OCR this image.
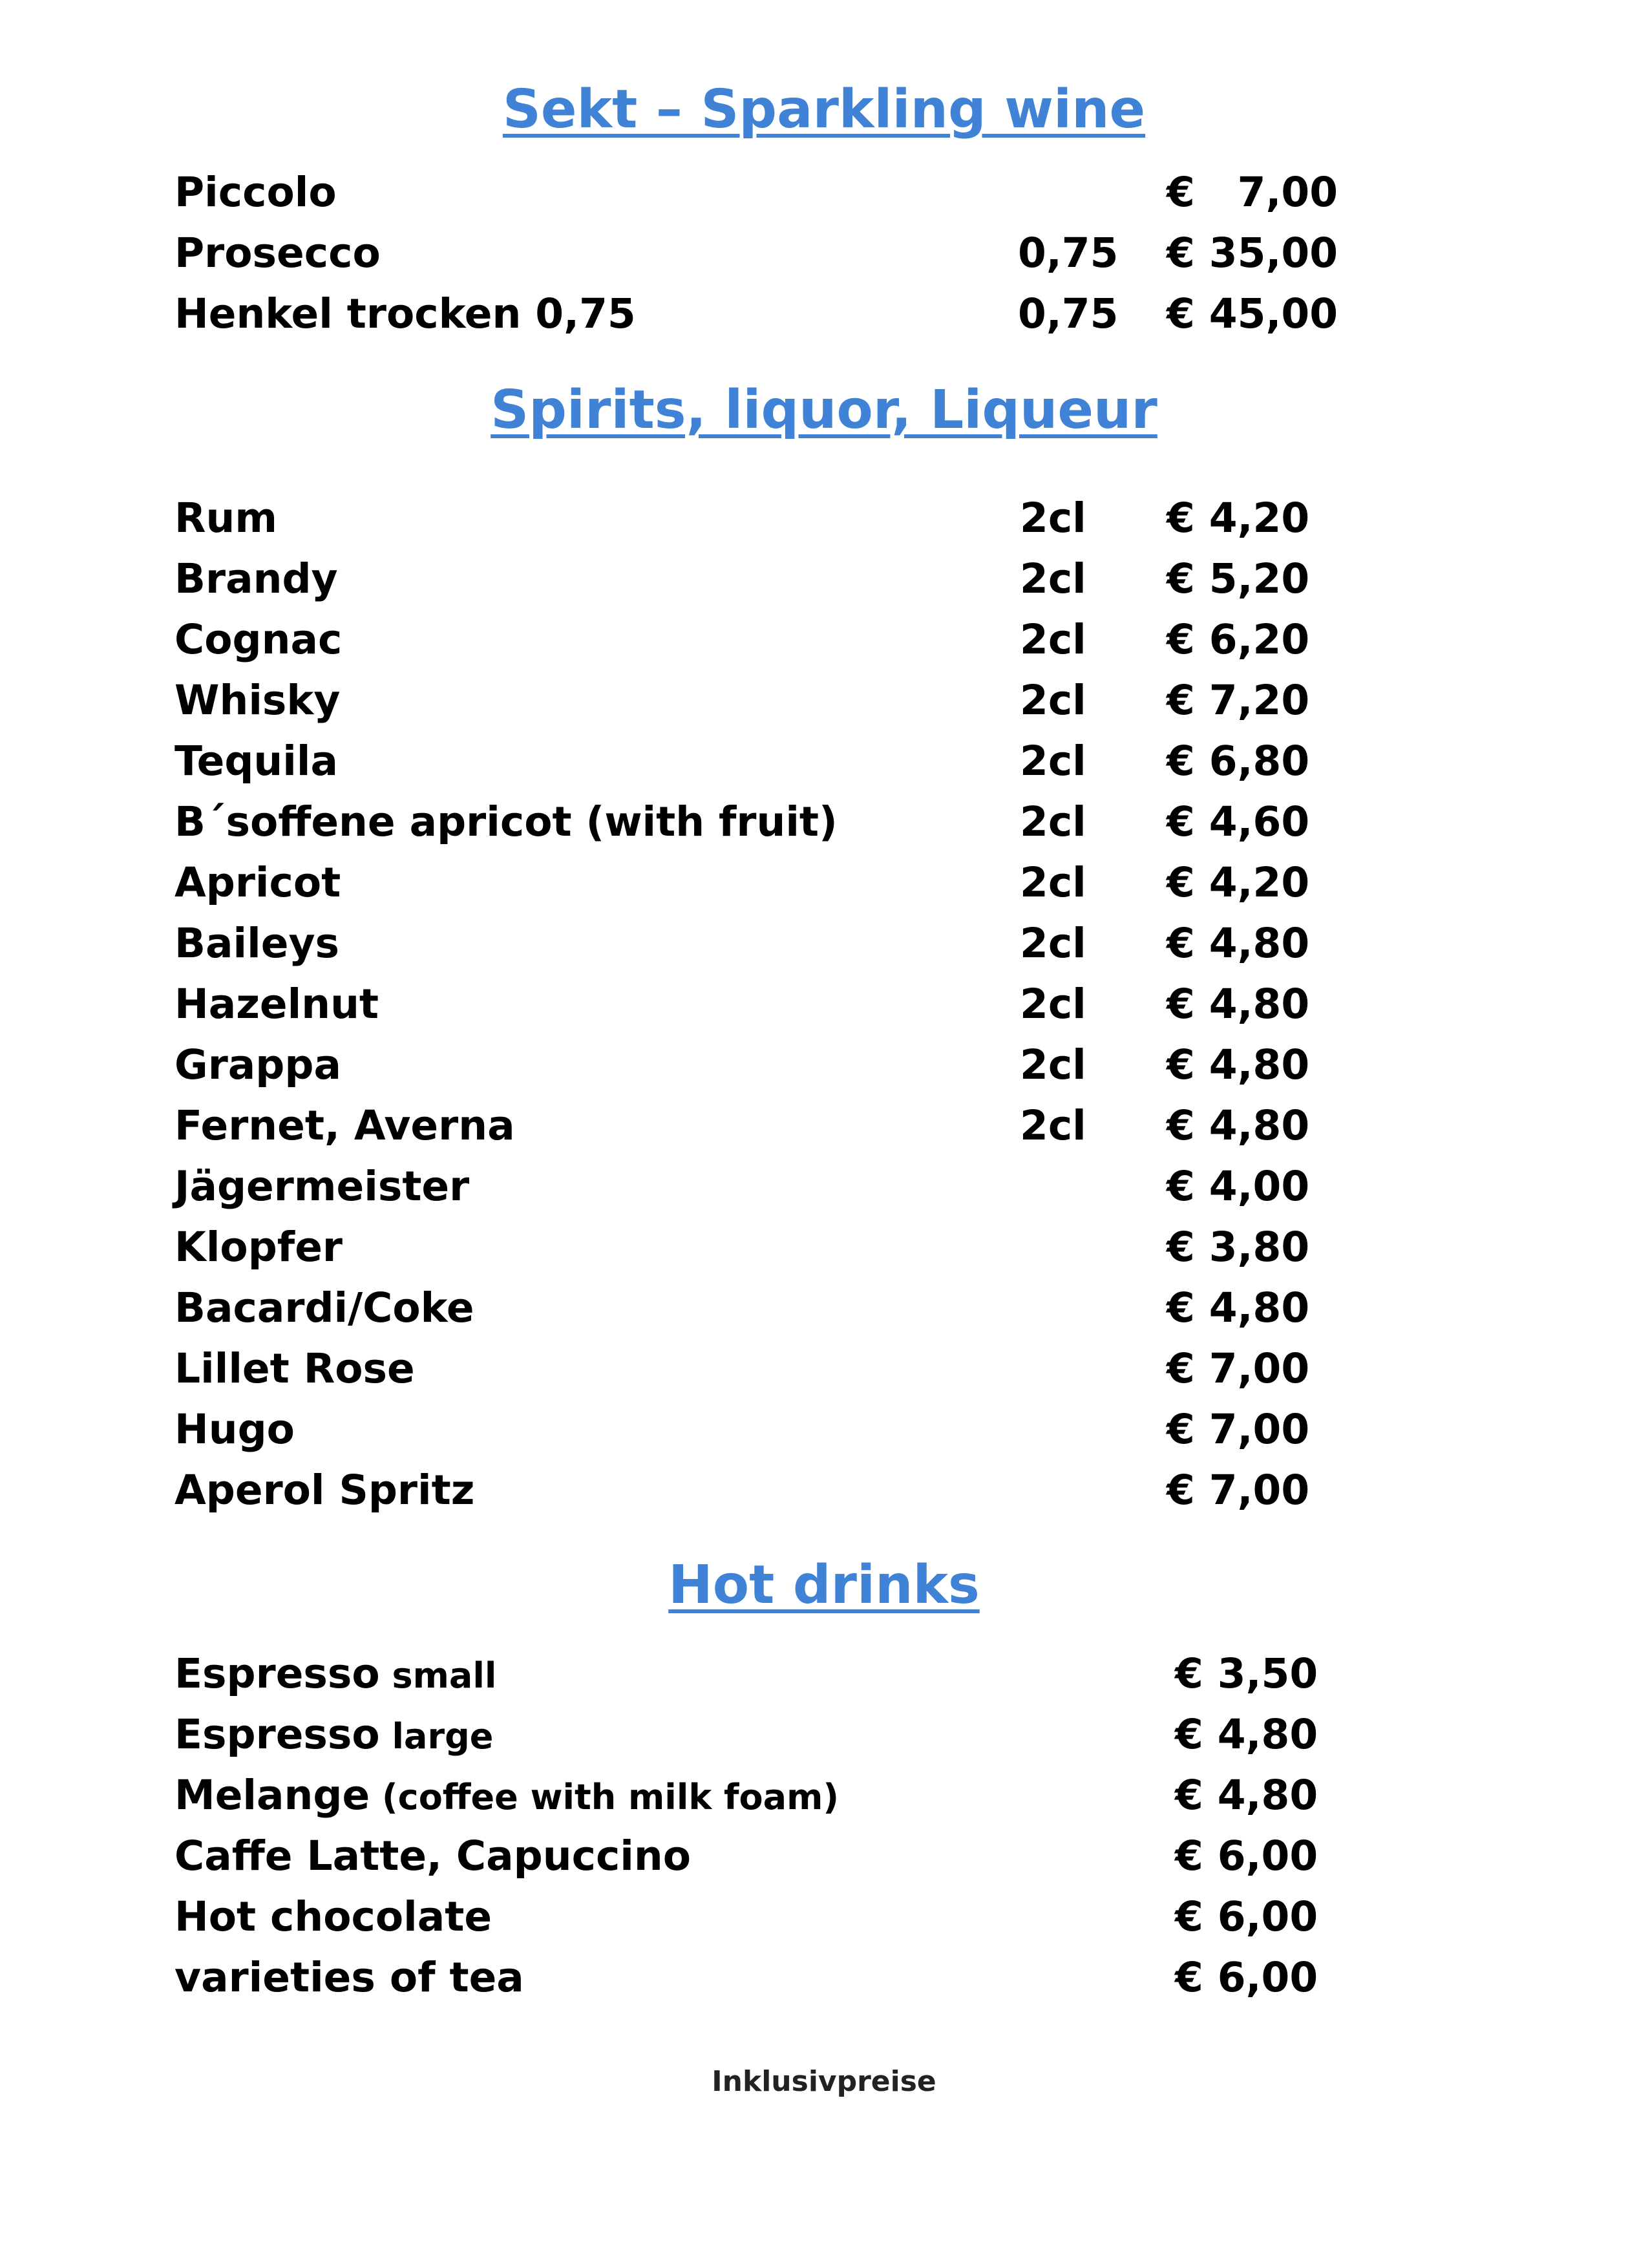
Sekt – Sparkling wine
Piccolo	€   7,00
Prosecco	0,75 € 35,00
Henkel trocken 0,75	0,75 € 45,00
Spirits, liquor, Liqueur
Rum	2cl € 4,20
Brandy	2cl € 5,20
Cognac	2cl € 6,20
Whisky	2cl € 7,20
Tequila	2cl € 6,80
B´soffene apricot (with fruit)	2cl € 4,60
Apricot	2cl € 4,20
Baileys	2cl € 4,80
Hazelnut	2cl € 4,80
Grappa	2cl € 4,80
Fernet, Averna	2cl € 4,80
Jägermeister	€ 4,00
Klopfer	€ 3,80
Bacardi/Coke	€ 4,80
Lillet Rose	€ 7,00
Hugo	€ 7,00
Aperol Spritz	€ 7,00
Hot drinks
Espresso small	€ 3,50
Espresso large	€ 4,80
Melange (coffee with milk foam)	€ 4,80
Caffe Latte, Capuccino	€ 6,00
Hot chocolate	€ 6,00
varieties of tea	€ 6,00
Inklusivpreise
